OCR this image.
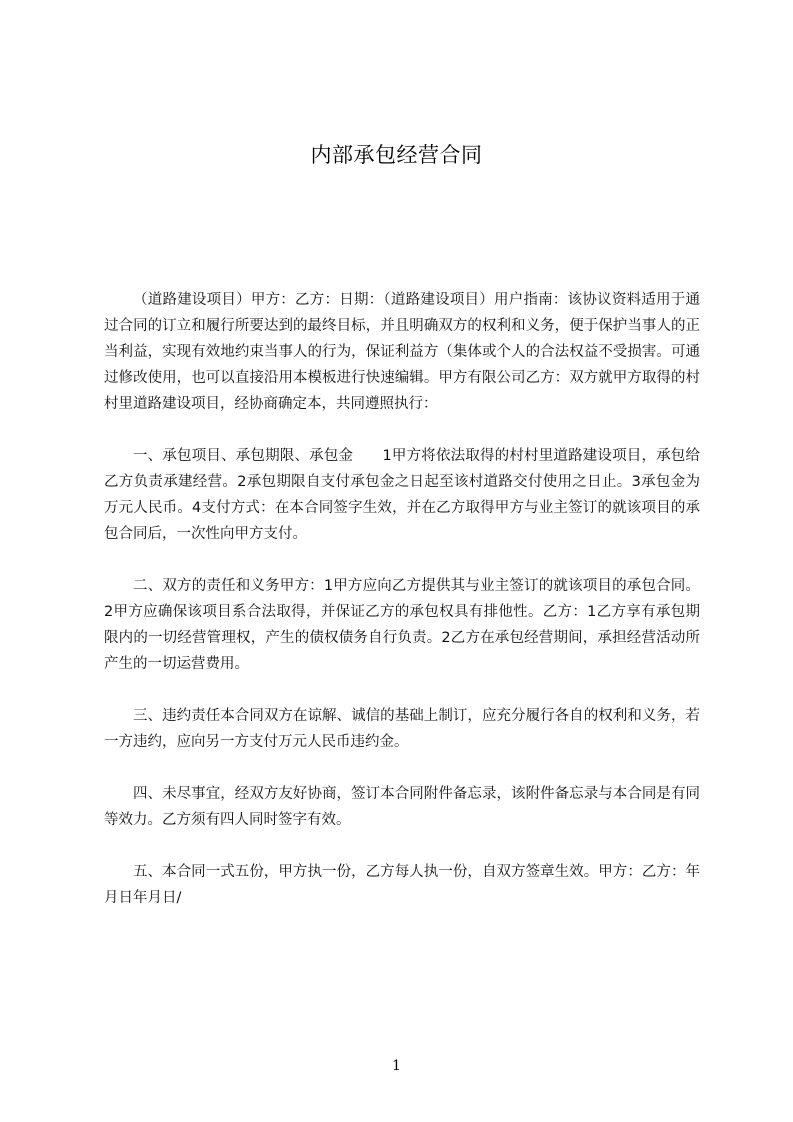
内部承包经营合同

（道路建设项目）甲方：乙方：日期：（道路建设项目）用户指南：该协议资料适用于通过合同的订立和履行所要达到的最终目标，并且明确双方的权利和义务，便于保护当事人的正当利益，实现有效地约束当事人的行为，保证利益方（集体或个人的合法权益不受损害。可通过修改使用，也可以直接沿用本模板进行快速编辑。甲方有限公司乙方：双方就甲方取得的村村里道路建设项目，经协商确定本，共同遵照执行：

一、承包项目、承包期限、承包金　　1甲方将依法取得的村村里道路建设项目，承包给乙方负责承建经营。2承包期限自支付承包金之日起至该村道路交付使用之日止。3承包金为万元人民币。4支付方式：在本合同签字生效，并在乙方取得甲方与业主签订的就该项目的承包合同后，一次性向甲方支付。

二、双方的责任和义务甲方：1甲方应向乙方提供其与业主签订的就该项目的承包合同。2甲方应确保该项目系合法取得，并保证乙方的承包权具有排他性。乙方：1乙方享有承包期限内的一切经营管理权，产生的债权债务自行负责。2乙方在承包经营期间，承担经营活动所产生的一切运营费用。

三、违约责任本合同双方在谅解、诚信的基础上制订，应充分履行各自的权利和义务，若一方违约，应向另一方支付万元人民币违约金。

四、未尽事宜，经双方友好协商，签订本合同附件备忘录，该附件备忘录与本合同是有同等效力。乙方须有四人同时签字有效。

五、本合同一式五份，甲方执一份，乙方每人执一份，自双方签章生效。甲方：乙方：年月日年月日/

1
